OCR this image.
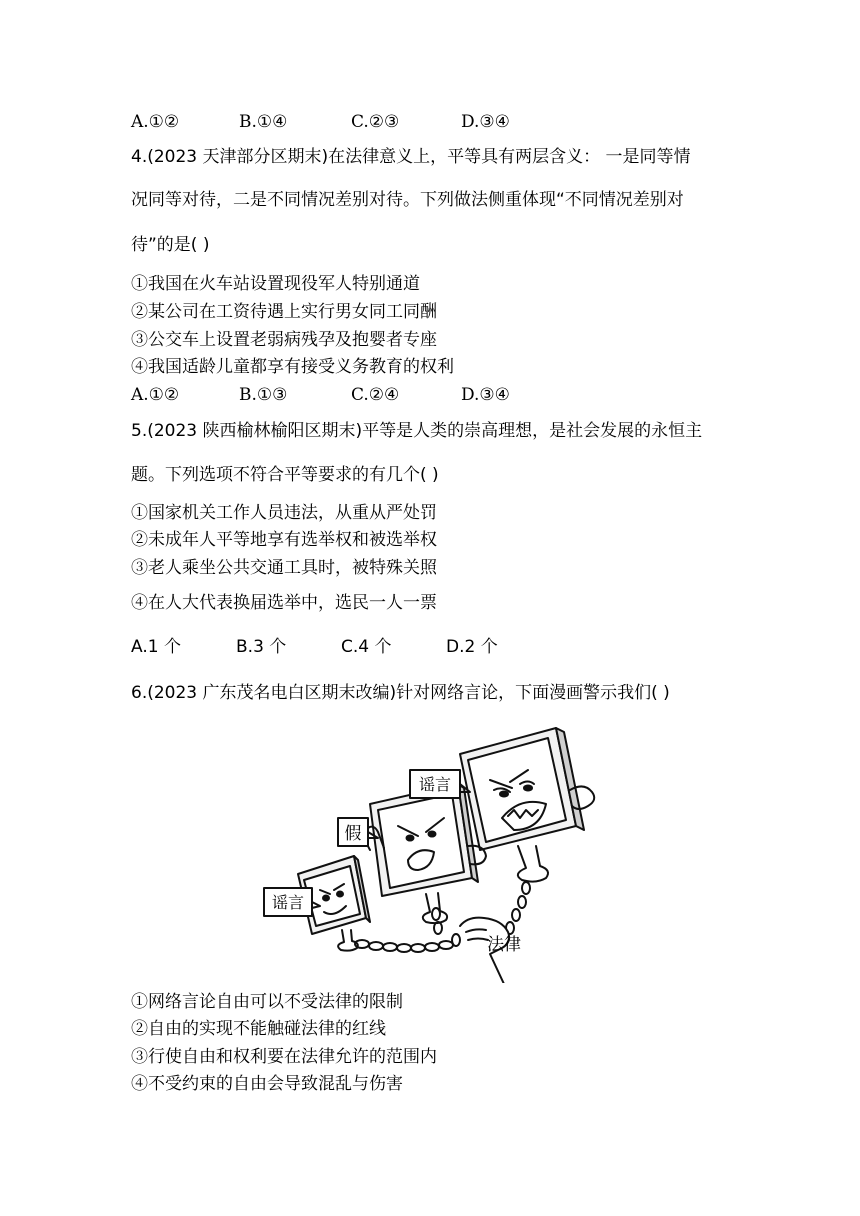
A.①②	B.①④	C.②③	D.③④
4.(2023 天津部分区期末)在法律意义上，平等具有两层含义： 一是同等情
况同等对待，二是不同情况差别对待。下列做法侧重体现“不同情况差别对
待”的是( )
①我国在火车站设置现役军人特别通道
②某公司在工资待遇上实行男女同工同酬
③公交车上设置老弱病残孕及抱婴者专座
④我国适龄儿童都享有接受义务教育的权利
A.①②	B.①③	C.②④	D.③④
5.(2023 陕西榆林榆阳区期末)平等是人类的崇高理想，是社会发展的永恒主
题。下列选项不符合平等要求的有几个( )
①国家机关工作人员违法，从重从严处罚
②未成年人平等地享有选举权和被选举权
③老人乘坐公共交通工具时，被特殊关照
④在人大代表换届选举中，选民一人一票
A.1 个	B.3 个	C.4 个	D.2 个
6.(2023 广东茂名电白区期末改编)针对网络言论，下面漫画警示我们( )
谣言
假
谣言
法律
①网络言论自由可以不受法律的限制
②自由的实现不能触碰法律的红线
③行使自由和权利要在法律允许的范围内
④不受约束的自由会导致混乱与伤害
